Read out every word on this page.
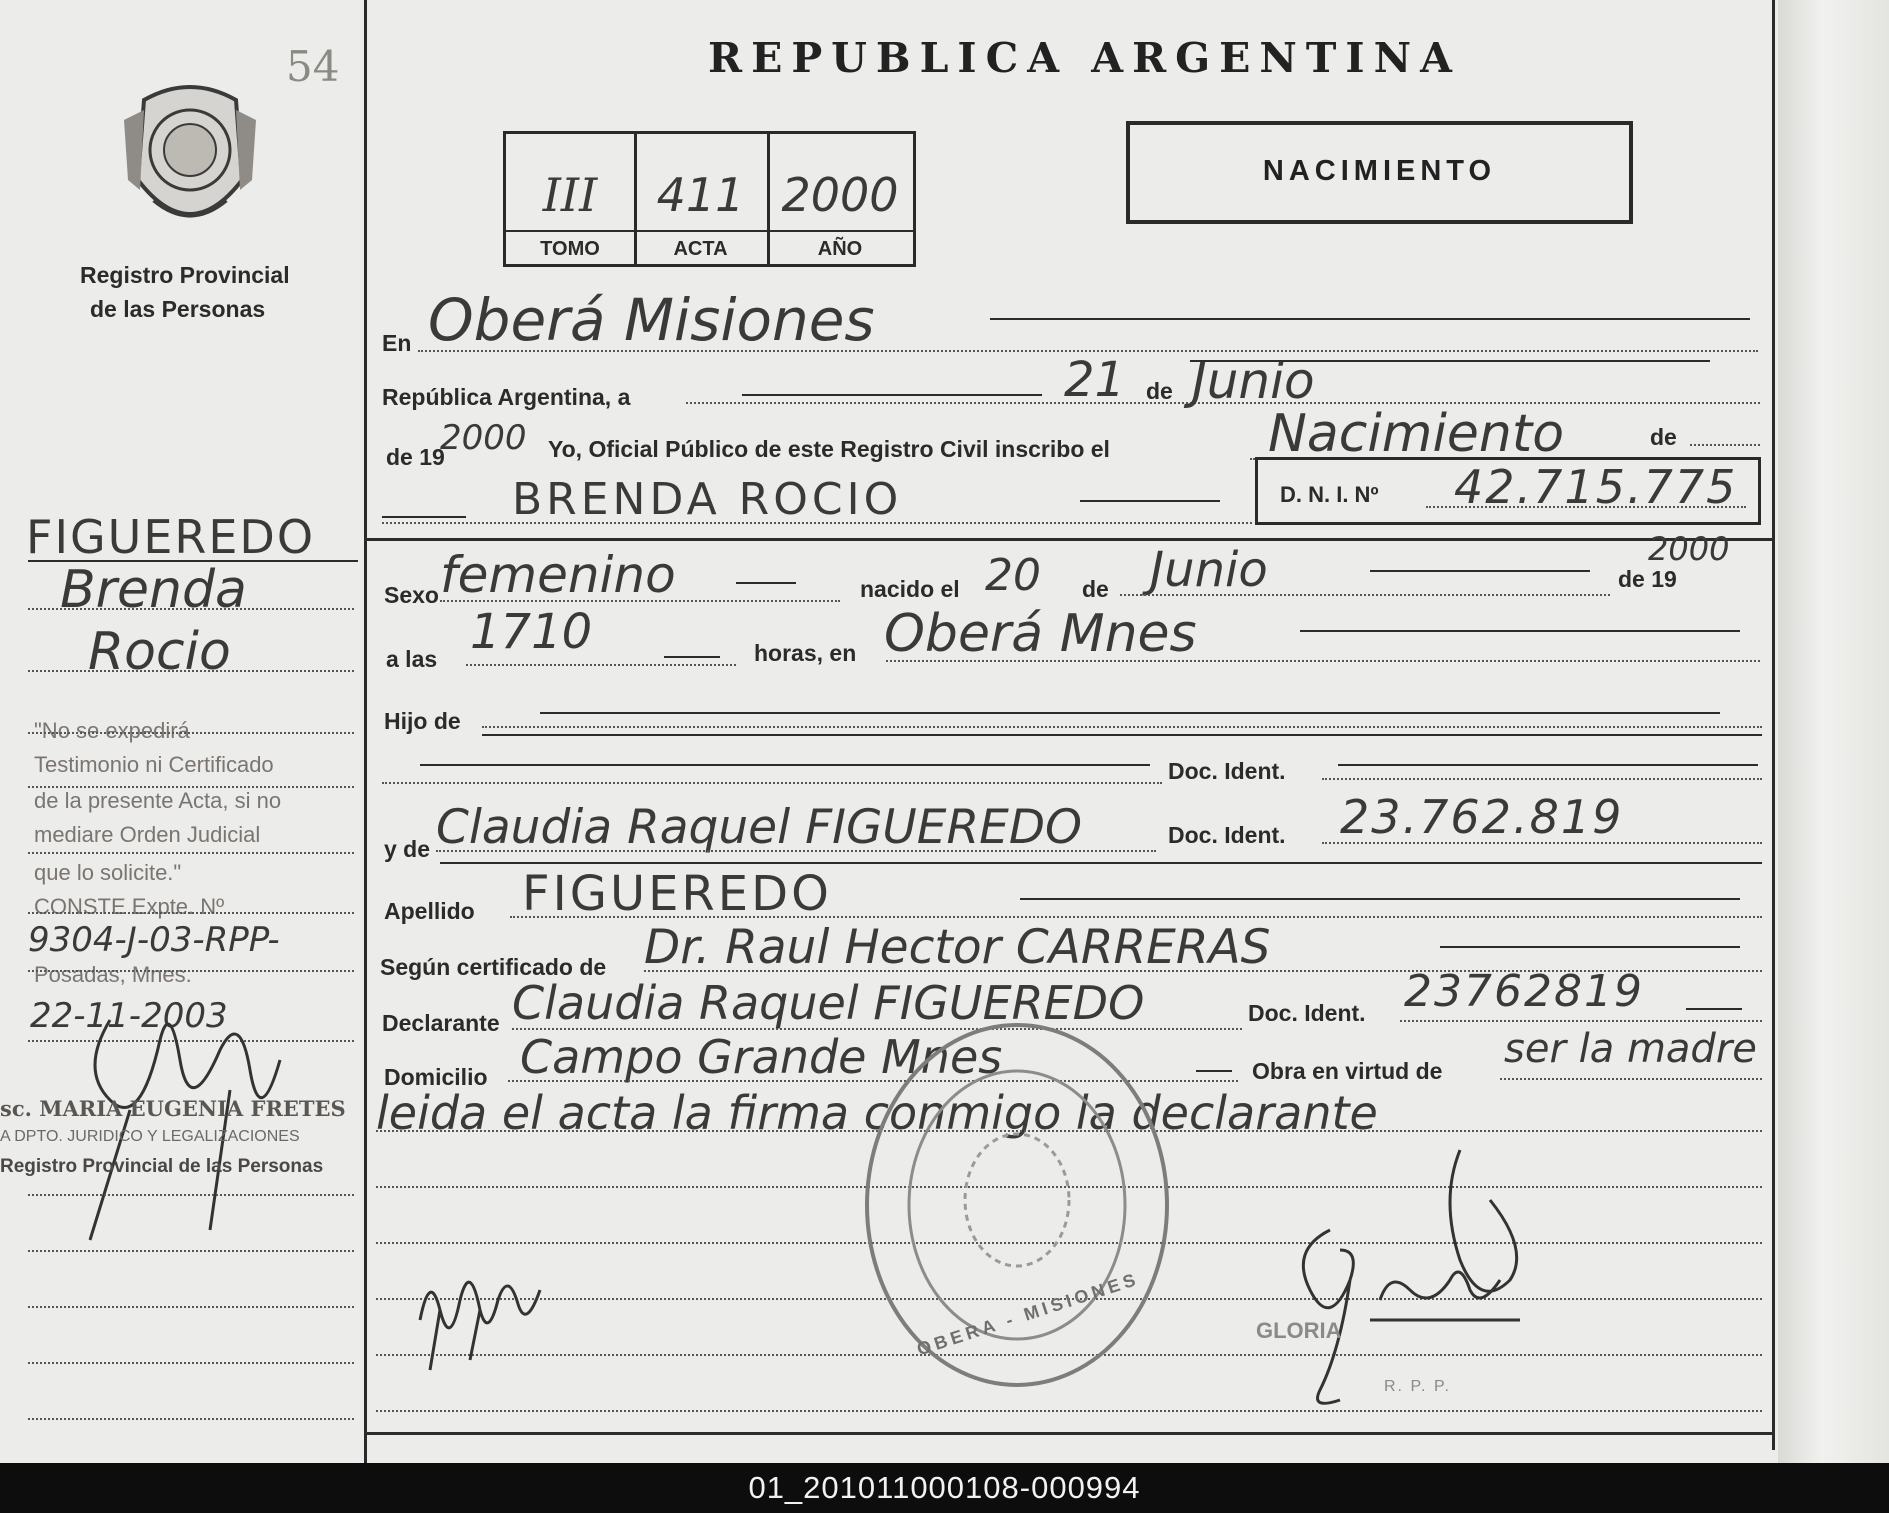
54
Registro Provincial
de las Personas
REPUBLICA ARGENTINA
III	411 2000
TOMO	ACTA	AÑO
NACIMIENTO
En Oberá Misiones
República Argentina, a	21 de Junio
de 19
2000 Yo, Oficial Público de este Registro Civil inscribo el	Nacimiento	de
BRENDA ROCIO	D. N. I. Nº 42.715.775
Sexo femenino	nacido el 20 de Junio	de 19
2000
a las 1710	horas, en Oberá Mnes
Hijo de
Doc. Ident.
y de Claudia Raquel FIGUEREDO	Doc. Ident. 23.762.819
Apellido FIGUEREDO
Según certificado de Dr. Raul Hector CARRERAS
Declarante Claudia Raquel FIGUEREDO	Doc. Ident. 23762819
Domicilio Campo Grande Mnes	Obra en virtud de ser la madre
leida el acta la firma conmigo la declarante
OBERA - MISIONES	GLORIA
R. P. P.
FIGUEREDO
Brenda
Rocio
"No se expedirá
Testimonio ni Certificado
de la presente Acta, si no
mediare Orden Judicial
que lo solicite."
CONSTE Expte. Nº
9304-J-03-RPP-
Posadas, Mnes.
22-11-2003
sc. MARIA EUGENIA FRETES
A DPTO. JURIDICO Y LEGALIZACIONES
Registro Provincial de las Personas
01_201011000108-000994
